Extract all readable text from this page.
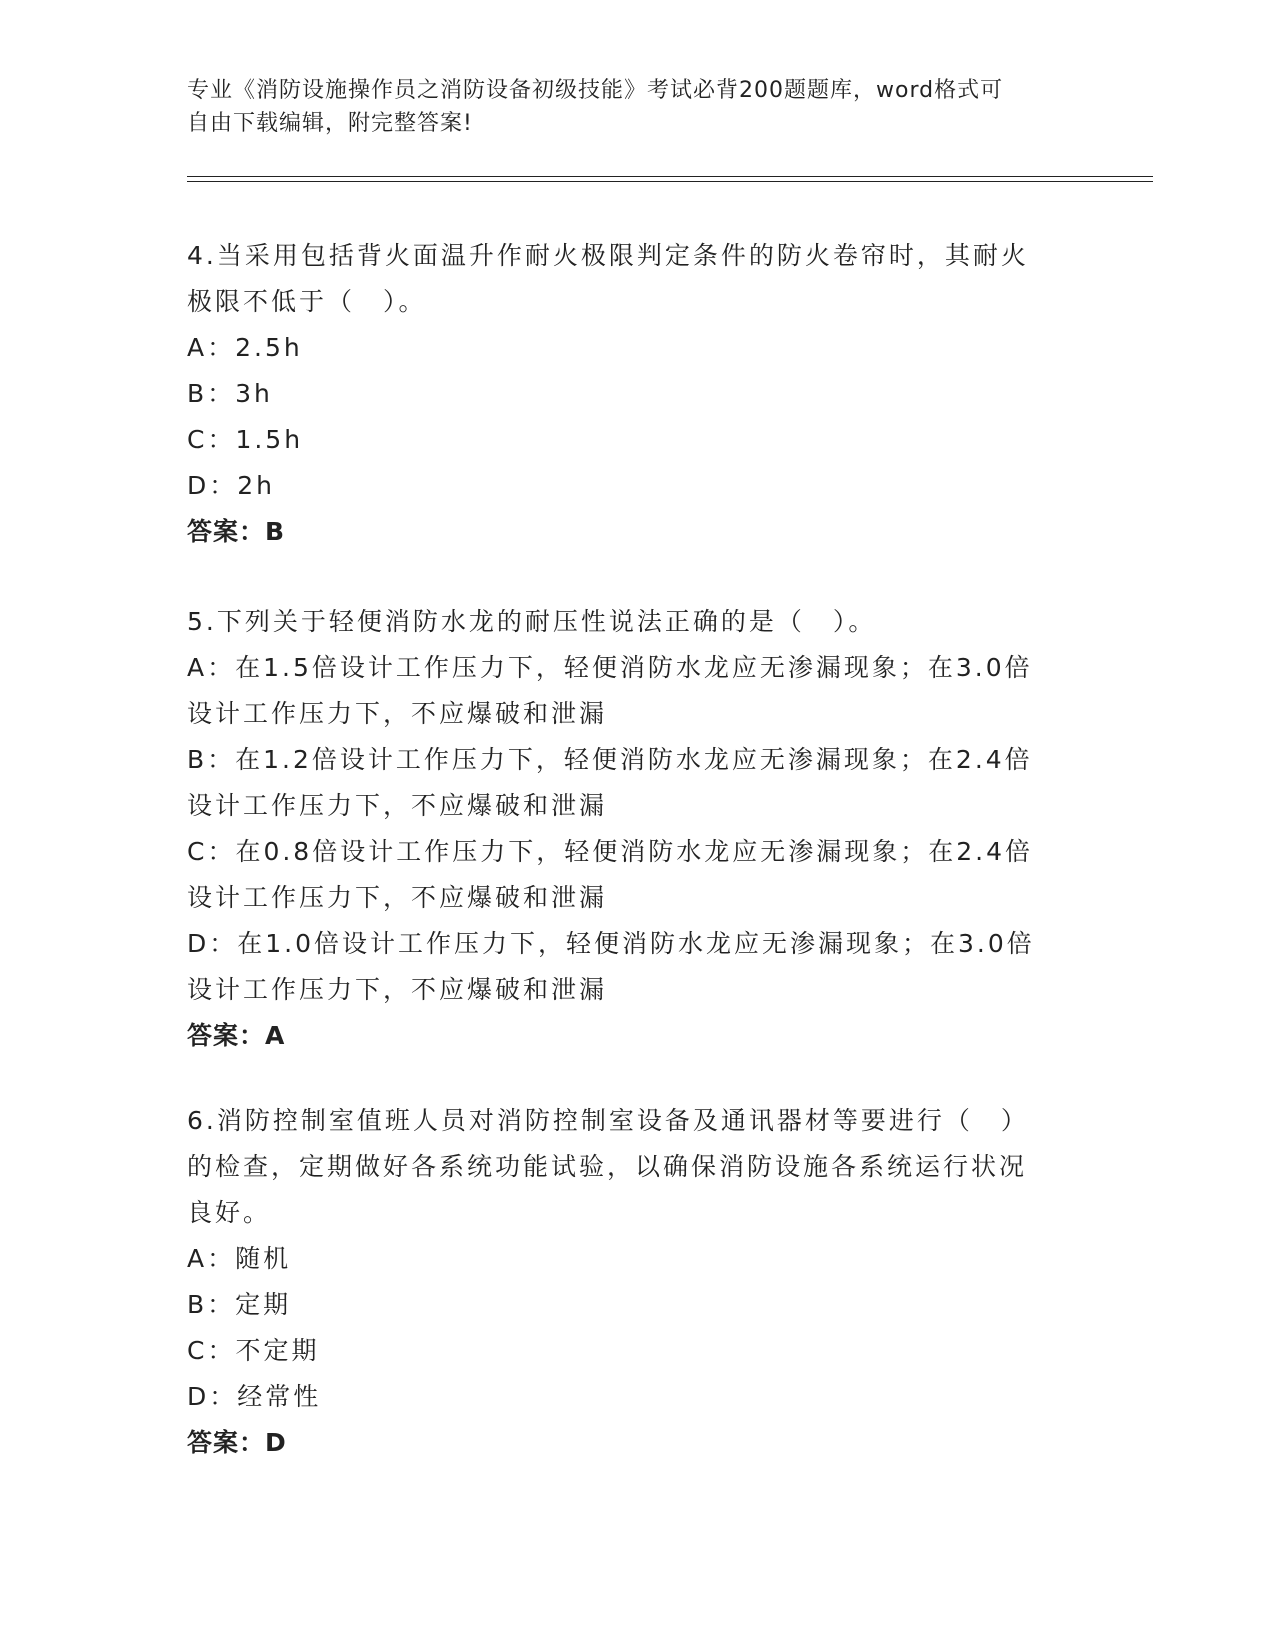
专业《消防设施操作员之消防设备初级技能》考试必背200题题库，word格式可
自由下载编辑，附完整答案!
4.当采用包括背火面温升作耐火极限判定条件的防火卷帘时，其耐火
极限不低于（　）。
A：2.5h
B：3h
C：1.5h
D：2h
答案：B
5.下列关于轻便消防水龙的耐压性说法正确的是（　）。
A：在1.5倍设计工作压力下，轻便消防水龙应无渗漏现象；在3.0倍
设计工作压力下，不应爆破和泄漏
B：在1.2倍设计工作压力下，轻便消防水龙应无渗漏现象；在2.4倍
设计工作压力下，不应爆破和泄漏
C：在0.8倍设计工作压力下，轻便消防水龙应无渗漏现象；在2.4倍
设计工作压力下，不应爆破和泄漏
D：在1.0倍设计工作压力下，轻便消防水龙应无渗漏现象；在3.0倍
设计工作压力下，不应爆破和泄漏
答案：A
6.消防控制室值班人员对消防控制室设备及通讯器材等要进行（　）
的检查，定期做好各系统功能试验，以确保消防设施各系统运行状况
良好。
A：随机
B：定期
C：不定期
D：经常性
答案：D
